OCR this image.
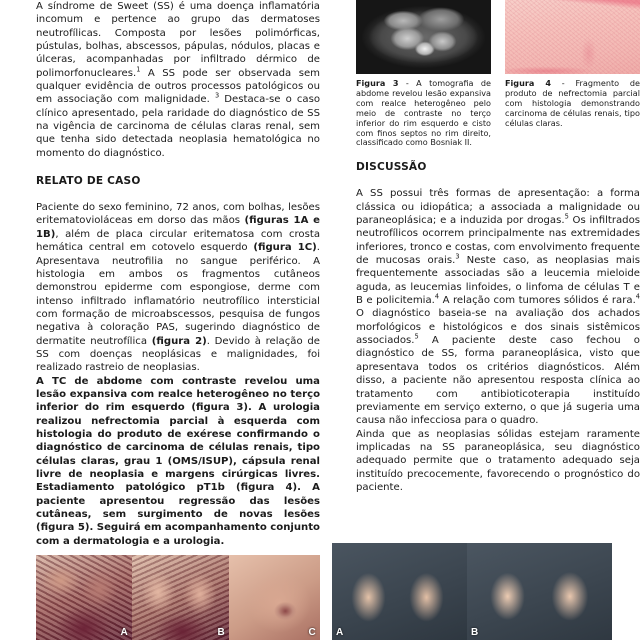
A síndrome de Sweet (SS) é uma doença inflamatória incomum e pertence ao grupo das dermatoses neutrofílicas. Composta por lesões polimórficas, pústulas, bolhas, abscessos, pápulas, nódulos, placas e úlceras, acompanhadas por infiltrado dérmico de polimorfonucleares.$^1$ A SS pode ser observada sem qualquer evidência de outros processos patológicos ou em associação com malignidade. $^3$ Destaca-se o caso clínico apresentado, pela raridade do diagnóstico de SS na vigência de carcinoma de células claras renal, sem que tenha sido detectada neoplasia hematológica no momento do diagnóstico.

RELATO DE CASO

Paciente do sexo feminino, 72 anos, com bolhas, lesões eritematovioláceas em dorso das mãos (figuras 1A e 1B), além de placa circular eritematosa com crosta hemática central em cotovelo esquerdo (figura 1C). Apresentava neutrofilia no sangue periférico. A histologia em ambos os fragmentos cutâneos demonstrou epiderme com espongiose, derme com intenso infiltrado inflamatório neutrofílico intersticial com formação de microabscessos, pesquisa de fungos negativa à coloração PAS, sugerindo diagnóstico de dermatite neutrofílica (figura 2). Devido à relação de SS com doenças neoplásicas e malignidades, foi realizado rastreio de neoplasias.

A TC de abdome com contraste revelou uma lesão expansiva com realce heterogêneo no terço inferior do rim esquerdo (figura 3). A urologia realizou nefrectomia parcial à esquerda com histologia do produto de exérese confirmando o diagnóstico de carcinoma de células renais, tipo células claras, grau 1 (OMS/ISUP), cápsula renal livre de neoplasia e margens cirúrgicas livres. Estadiamento patológico pT1b (figura 4). A paciente apresentou regressão das lesões cutâneas, sem surgimento de novas lesões (figura 5). Seguirá em acompanhamento conjunto com a dermatologia e a urologia.

Figura 3 - A tomografia de abdome revelou lesão expansiva com realce heterogêneo pelo meio de contraste no terço inferior do rim esquerdo e cisto com finos septos no rim direito, classificado como Bosniak II.
Figura 4 - Fragmento de produto de nefrectomia parcial com histologia demonstrando carcinoma de células renais, tipo células claras.
DISCUSSÃO

A SS possui três formas de apresentação: a forma clássica ou idiopática; a associada a malignidade ou paraneoplásica; e a induzida por drogas.$^5$ Os infiltrados neutrofílicos ocorrem principalmente nas extremidades inferiores, tronco e costas, com envolvimento frequente de mucosas orais.$^3$ Neste caso, as neoplasias mais frequentemente associadas são a leucemia mieloide aguda, as leucemias linfoides, o linfoma de células T e B e policitemia.$^4$ A relação com tumores sólidos é rara.$^4$ O diagnóstico baseia-se na avaliação dos achados morfológicos e histológicos e dos sinais sistêmicos associados.$^5$ A paciente deste caso fechou o diagnóstico de SS, forma paraneoplásica, visto que apresentava todos os critérios diagnósticos. Além disso, a paciente não apresentou resposta clínica ao tratamento com antibioticoterapia instituído previamente em serviço externo, o que já sugeria uma causa não infecciosa para o quadro.

Ainda que as neoplasias sólidas estejam raramente implicadas na SS paraneoplásica, seu diagnóstico adequado permite que o tratamento adequado seja instituído precocemente, favorecendo o prognóstico do paciente.

A	B	C A	B
